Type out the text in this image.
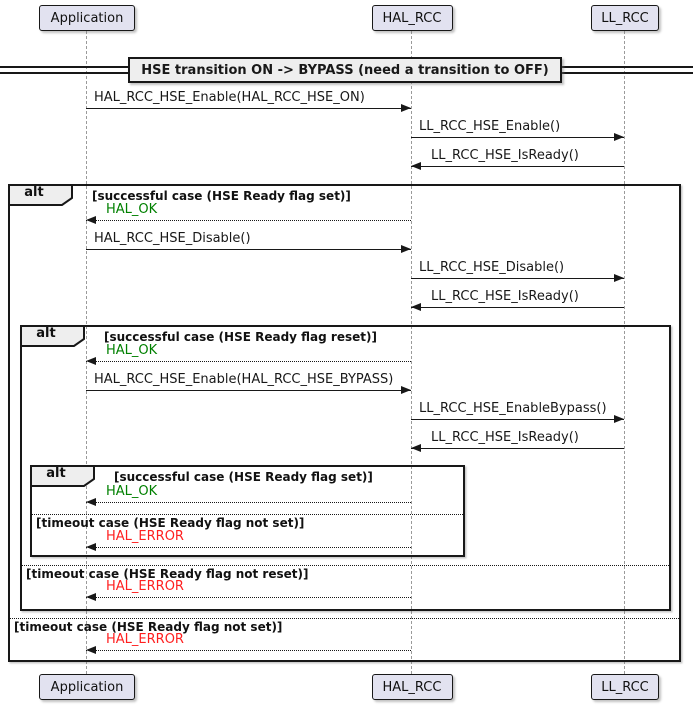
HSE transition ON -> BYPASS (need a transition to OFF)
Application
Application
HAL_RCC
HAL_RCC
LL_RCC
LL_RCC
alt	[successful case (HSE Ready flag set)]
[timeout case (HSE Ready flag not set)]
alt	[successful case (HSE Ready flag reset)]
[timeout case (HSE Ready flag not reset)]
alt	[successful case (HSE Ready flag set)]
[timeout case (HSE Ready flag not set)]
HAL_RCC_HSE_Enable(HAL_RCC_HSE_ON)
LL_RCC_HSE_Enable()
LL_RCC_HSE_IsReady()
HAL_OK
HAL_RCC_HSE_Disable()
LL_RCC_HSE_Disable()
LL_RCC_HSE_IsReady()
HAL_OK
HAL_RCC_HSE_Enable(HAL_RCC_HSE_BYPASS)
LL_RCC_HSE_EnableBypass()
LL_RCC_HSE_IsReady()
HAL_OK
HAL_ERROR
HAL_ERROR
HAL_ERROR
